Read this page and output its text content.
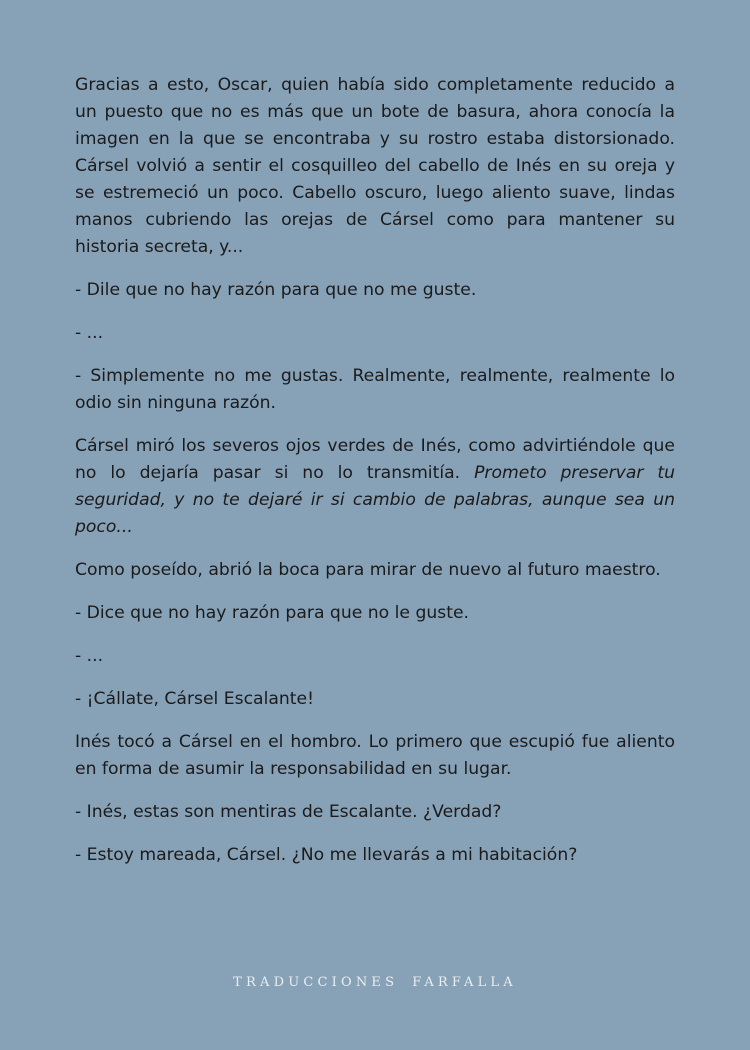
Gracias a esto, Oscar, quien había sido completamente reducido a un puesto que no es más que un bote de basura, ahora conocía la imagen en la que se encontraba y su rostro estaba distorsionado. Cársel volvió a sentir el cosquilleo del cabello de Inés en su oreja y se estremeció un poco. Cabello oscuro, luego aliento suave, lindas manos cubriendo las orejas de Cársel como para mantener su historia secreta, y...

- Dile que no hay razón para que no me guste.

- ...

- Simplemente no me gustas. Realmente, realmente, realmente lo odio sin ninguna razón.

Cársel miró los severos ojos verdes de Inés, como advirtiéndole que no lo dejaría pasar si no lo transmitía. Prometo preservar tu seguridad, y no te dejaré ir si cambio de palabras, aunque sea un poco...

Como poseído, abrió la boca para mirar de nuevo al futuro maestro.

- Dice que no hay razón para que no le guste.

- ...

- ¡Cállate, Cársel Escalante!

Inés tocó a Cársel en el hombro. Lo primero que escupió fue aliento en forma de asumir la responsabilidad en su lugar.

- Inés, estas son mentiras de Escalante. ¿Verdad?

- Estoy mareada, Cársel. ¿No me llevarás a mi habitación?

TRADUCCIONES FARFALLA
